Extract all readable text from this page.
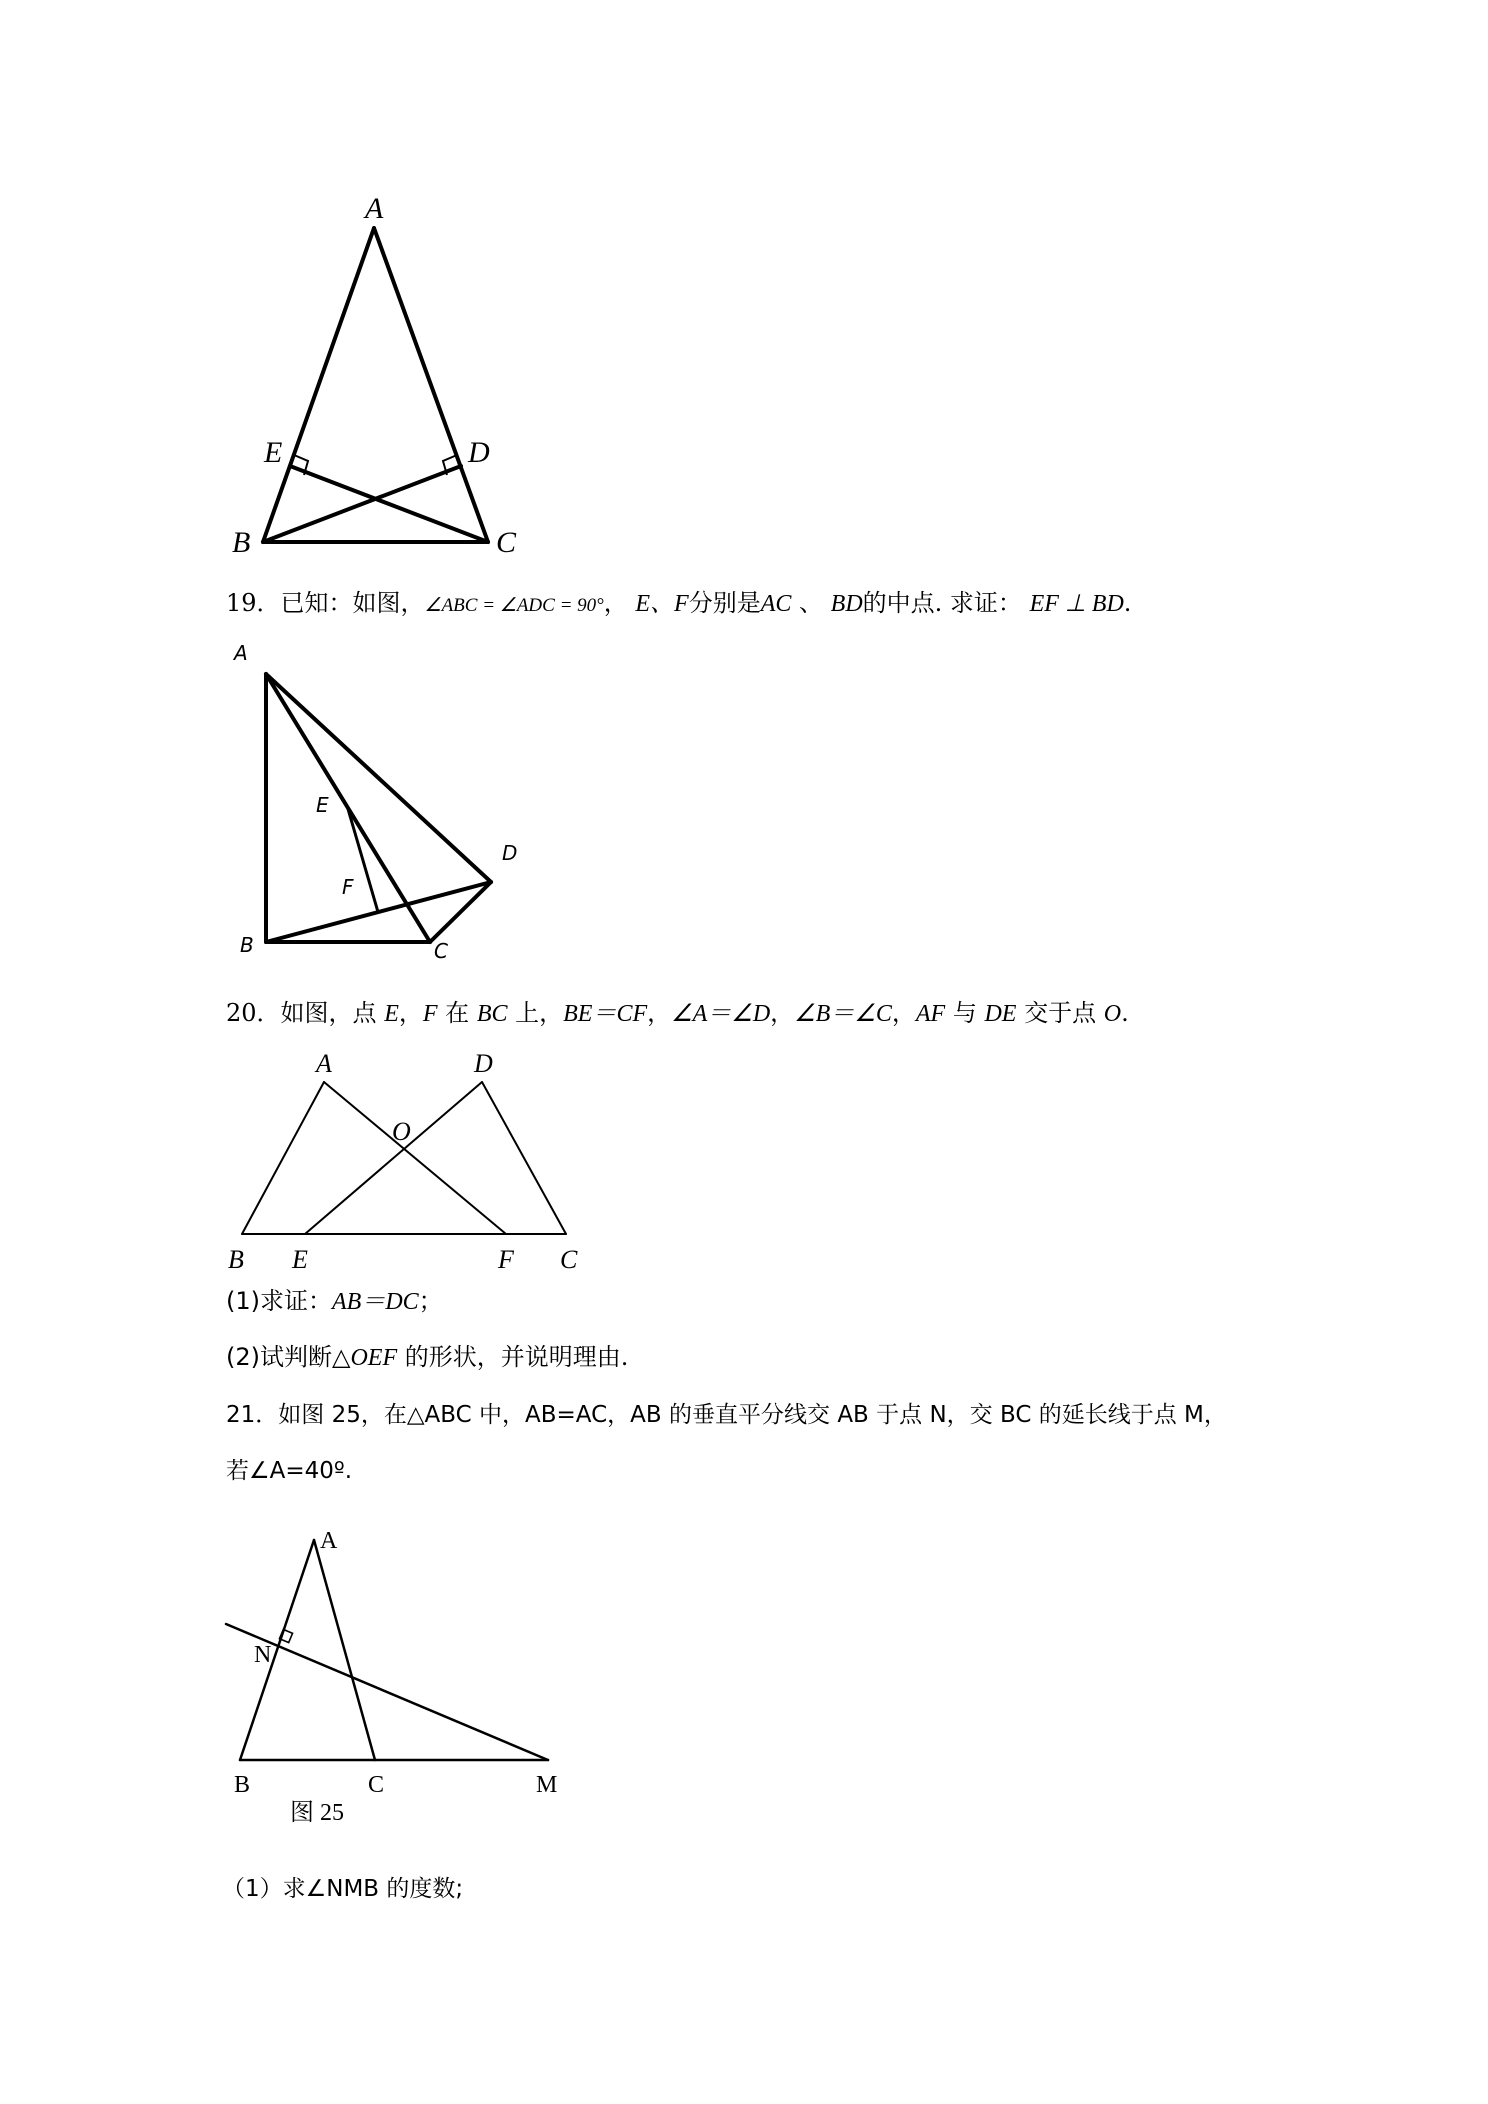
A
E	D
B	C
19．已知：如图，∠ABC = ∠ADC = 90°， E、F分别是AC 、 BD的中点. 求证： EF ⊥ BD.
A
E
D
F
B	C
20．如图，点 E，F 在 BC 上，BE＝CF，∠A＝∠D，∠B＝∠C，AF 与 DE 交于点 O.
A	D
O
B E	F C
(1)求证：AB＝DC；
(2)试判断△OEF 的形状，并说明理由.
21．如图 25，在△ABC 中，AB=AC，AB 的垂直平分线交 AB 于点 N，交 BC 的延长线于点 M，
若∠A=40º.
A
N
B	C	M
图 25
（1）求∠NMB 的度数;
